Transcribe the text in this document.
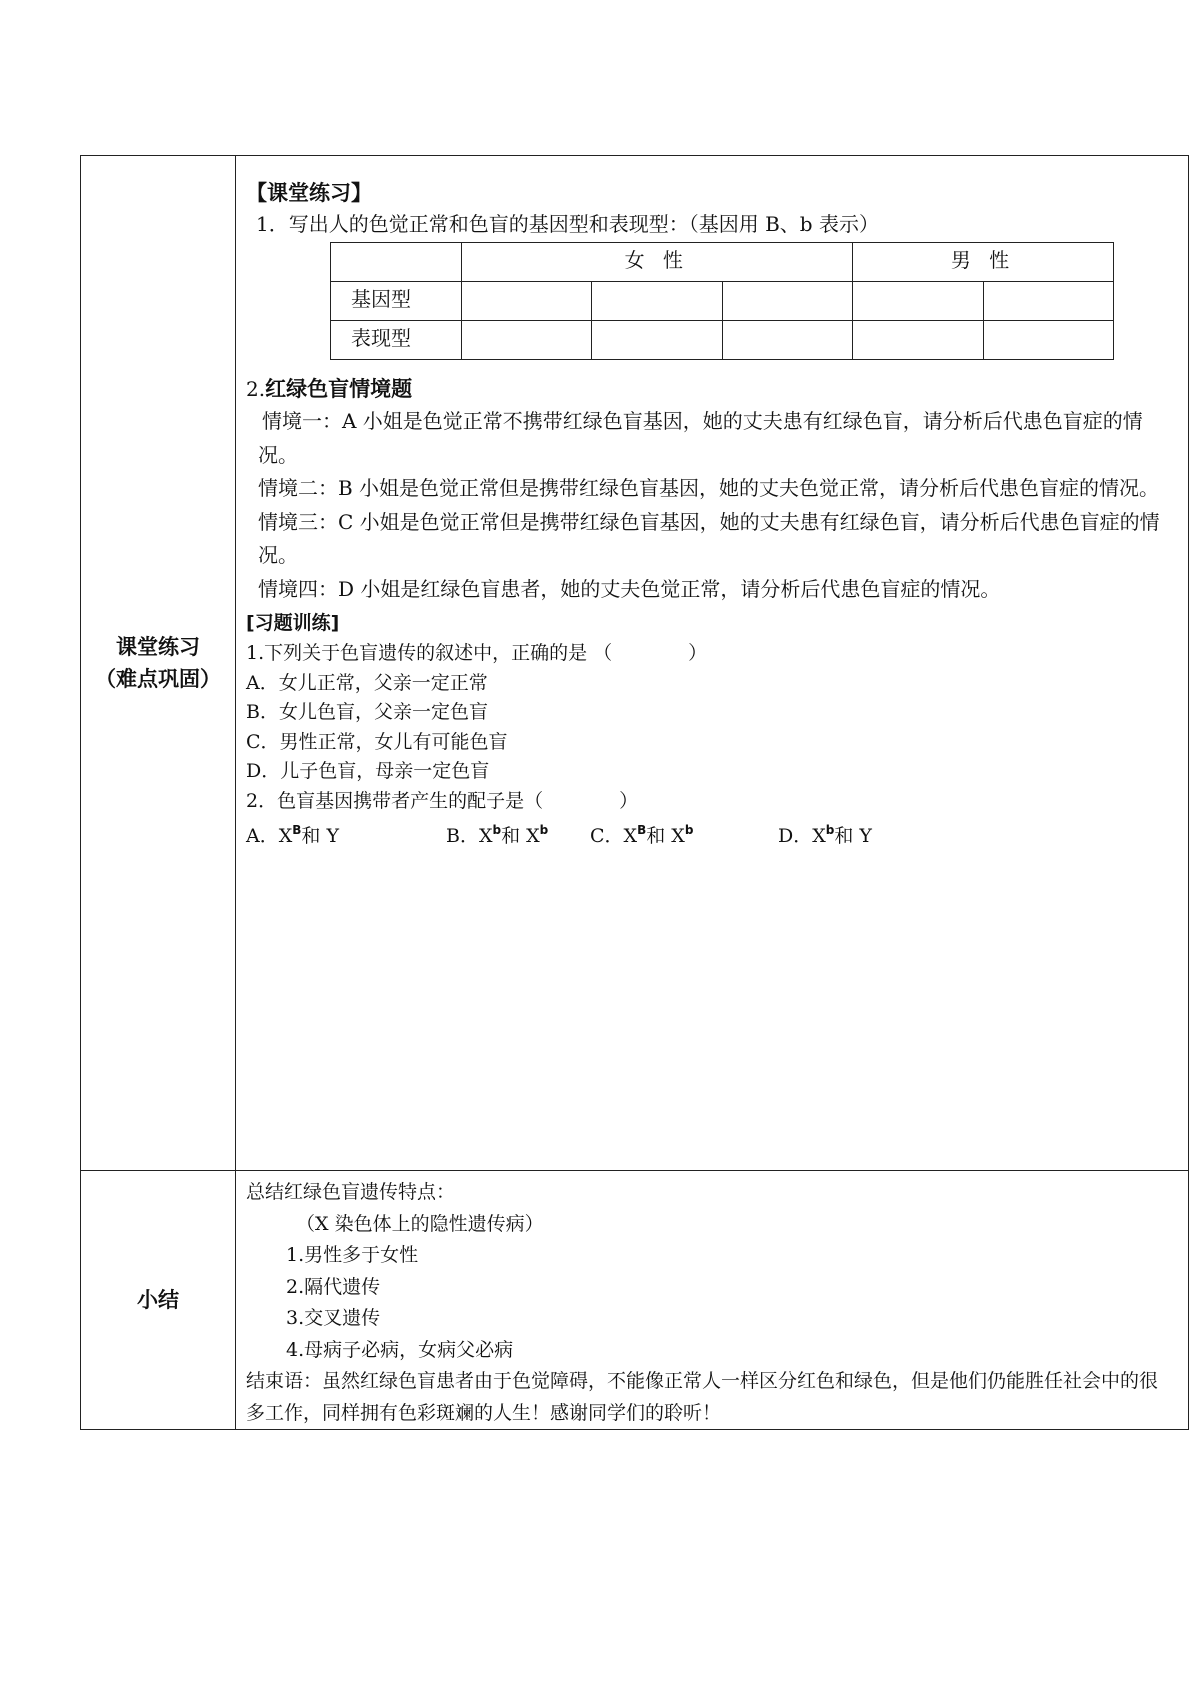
课堂练习
（难点巩固）

【课堂练习】
1．写出人的色觉正常和色盲的基因型和表现型：（基因用 B、b 表示）
	女 性	男 性
基因型					
表现型					
2.红绿色盲情境题
情境一：A 小姐是色觉正常不携带红绿色盲基因，她的丈夫患有红绿色盲，请分析后代患色盲症的情况。
情境二：B 小姐是色觉正常但是携带红绿色盲基因，她的丈夫色觉正常，请分析后代患色盲症的情况。
情境三：C 小姐是色觉正常但是携带红绿色盲基因，她的丈夫患有红绿色盲，请分析后代患色盲症的情况。
情境四：D 小姐是红绿色盲患者，她的丈夫色觉正常，请分析后代患色盲症的情况。
[习题训练]
1.下列关于色盲遗传的叙述中，正确的是 （　　　　）
A．女儿正常，父亲一定正常
B．女儿色盲，父亲一定色盲
C．男性正常，女儿有可能色盲
D．儿子色盲，母亲一定色盲
2．色盲基因携带者产生的配子是（　　　　）
A．$X^B$和 Y	B．$X^b$和 $X^b$	C．$X^B$和 $X^b$	D．$X^b$和 Y

小结

总结红绿色盲遗传特点：
（X 染色体上的隐性遗传病）
1.男性多于女性
2.隔代遗传
3.交叉遗传
4.母病子必病，女病父必病
结束语：虽然红绿色盲患者由于色觉障碍，不能像正常人一样区分红色和绿色，但是他们仍能胜任社会中的很多工作，同样拥有色彩斑斓的人生！感谢同学们的聆听！
